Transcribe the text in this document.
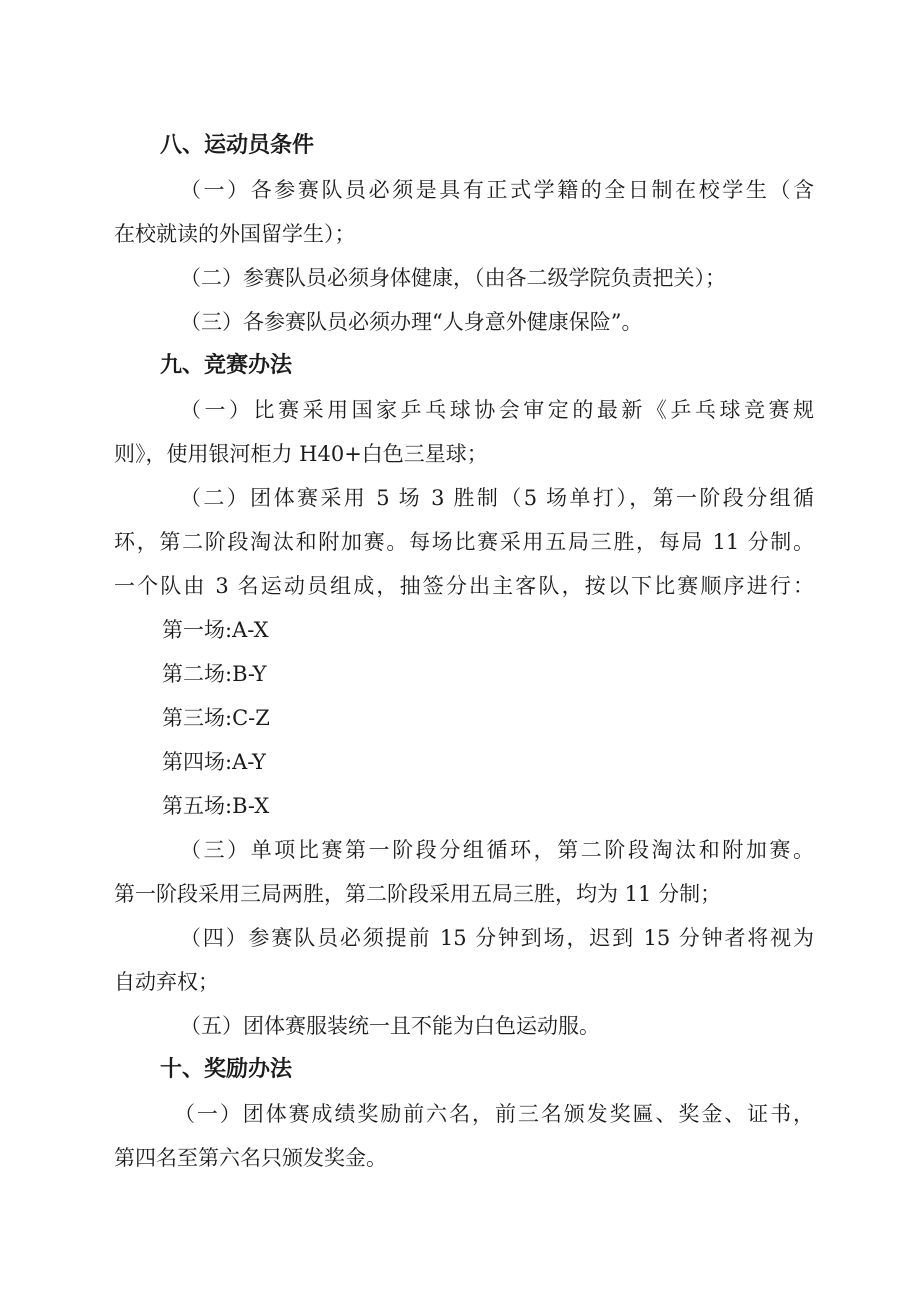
八、运动员条件
（一）各参赛队员必须是具有正式学籍的全日制在校学生（含
在校就读的外国留学生）；
（二）参赛队员必须身体健康，（由各二级学院负责把关）；
（三）各参赛队员必须办理“人身意外健康保险”。
九、竞赛办法
（一）比赛采用国家乒乓球协会审定的最新《乒乓球竞赛规
则》，使用银河柜力 H40+白色三星球；
（二）团体赛采用 5 场 3 胜制（5 场单打），第一阶段分组循
环，第二阶段淘汰和附加赛。每场比赛采用五局三胜，每局 11 分制。
一个队由 3 名运动员组成，抽签分出主客队，按以下比赛顺序进行：
第一场:A-X
第二场:B-Y
第三场:C-Z
第四场:A-Y
第五场:B-X
（三）单项比赛第一阶段分组循环，第二阶段淘汰和附加赛。
第一阶段采用三局两胜，第二阶段采用五局三胜，均为 11 分制；
（四）参赛队员必须提前 15 分钟到场，迟到 15 分钟者将视为
自动弃权；
（五）团体赛服装统一且不能为白色运动服。
十、奖励办法
（一）团体赛成绩奖励前六名，前三名颁发奖匾、奖金、证书，
第四名至第六名只颁发奖金。
